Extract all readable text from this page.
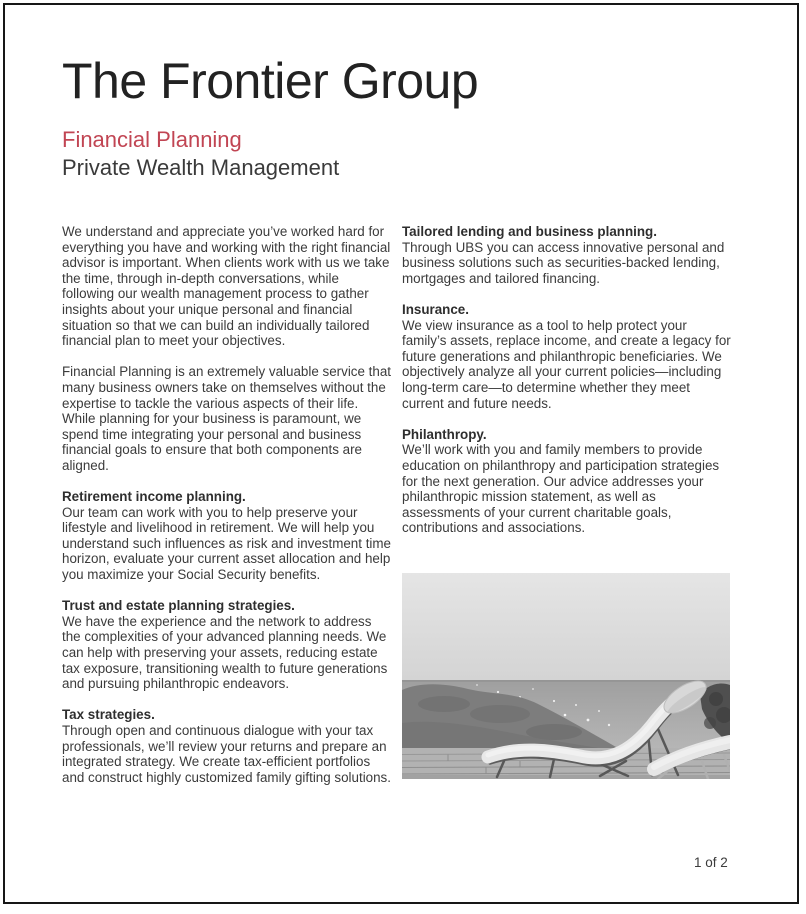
The Frontier Group
Financial Planning
Private Wealth Management

We understand and appreciate you’ve worked hard for everything you have and working with the right financial advisor is important. When clients work with us we take the time, through in-depth conversations, while following our wealth management process to gather insights about your unique personal and financial situation so that we can build an individually tailored financial plan to meet your objectives.

Financial Planning is an extremely valuable service that many business owners take on themselves without the expertise to tackle the various aspects of their life. While planning for your business is paramount, we spend time integrating your personal and business financial goals to ensure that both components are aligned.

Retirement income planning.

Our team can work with you to help preserve your lifestyle and livelihood in retirement. We will help you understand such influences as risk and investment time horizon, evaluate your current asset allocation and help you maximize your Social Security benefits.

Trust and estate planning strategies.

We have the experience and the network to address the complexities of your advanced planning needs. We can help with preserving your assets, reducing estate tax exposure, transitioning wealth to future generations and pursuing philanthropic endeavors.

Tax strategies.

Through open and continuous dialogue with your tax professionals, we’ll review your returns and prepare an integrated strategy. We create tax-efficient portfolios and construct highly customized family gifting solutions.

Tailored lending and business planning.

Through UBS you can access innovative personal and business solutions such as securities-backed lending, mortgages and tailored financing.

Insurance.

We view insurance as a tool to help protect your family’s assets, replace income, and create a legacy for future generations and philanthropic beneficiaries. We objectively analyze all your current policies—including long-term care—to determine whether they meet current and future needs.

Philanthropy.

We’ll work with you and family members to provide education on philanthropy and participation strategies for the next generation. Our advice addresses your philanthropic mission statement, as well as assessments of your current charitable goals, contributions and associations.

1 of 2
